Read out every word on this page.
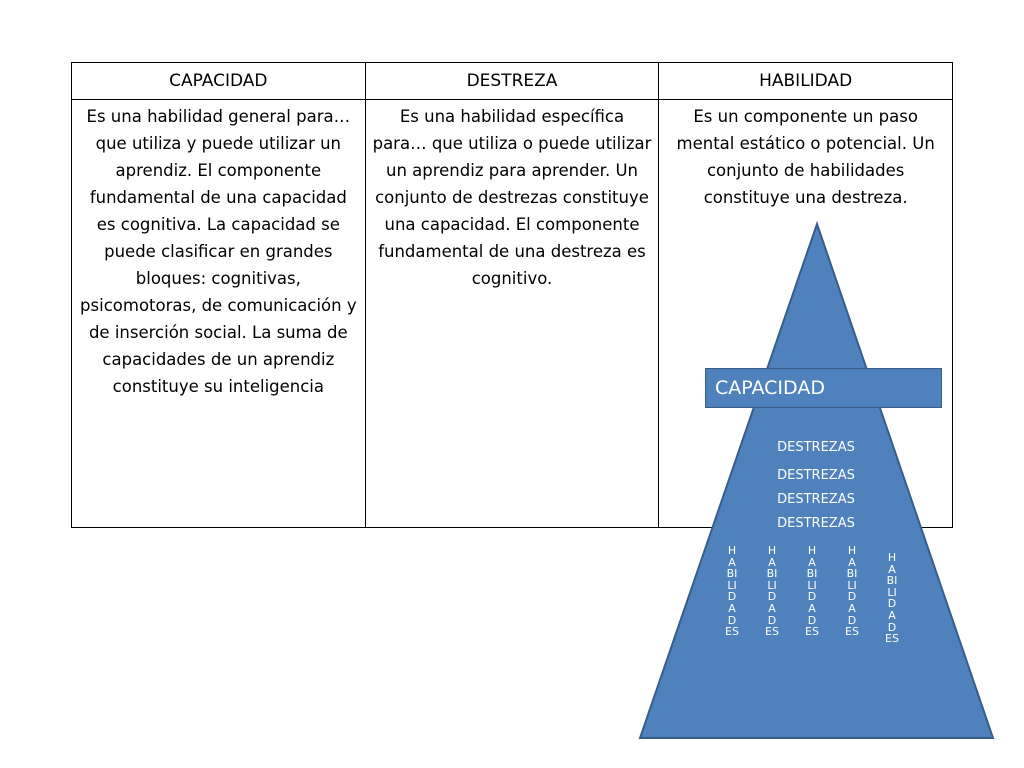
CAPACIDAD	DESTREZA	HABILIDAD
Es una habilidad general para… que utiliza y puede utilizar un aprendiz. El componente fundamental de una capacidad es cognitiva. La capacidad se puede clasificar en grandes bloques: cognitivas, psicomotoras, de comunicación y de inserción social. La suma de capacidades de un aprendiz constituye su inteligencia	Es una habilidad específica para… que utiliza o puede utilizar un aprendiz para aprender. Un conjunto de destrezas constituye una capacidad. El componente fundamental de una destreza es cognitivo.	Es un componente un paso mental estático o potencial. Un conjunto de habilidades constituye una destreza.
CAPACIDAD
DESTREZAS
DESTREZAS
DESTREZAS
DESTREZAS
HABILIDADES
HABILIDADES
HABILIDADES
HABILIDADES
HABILIDADES
